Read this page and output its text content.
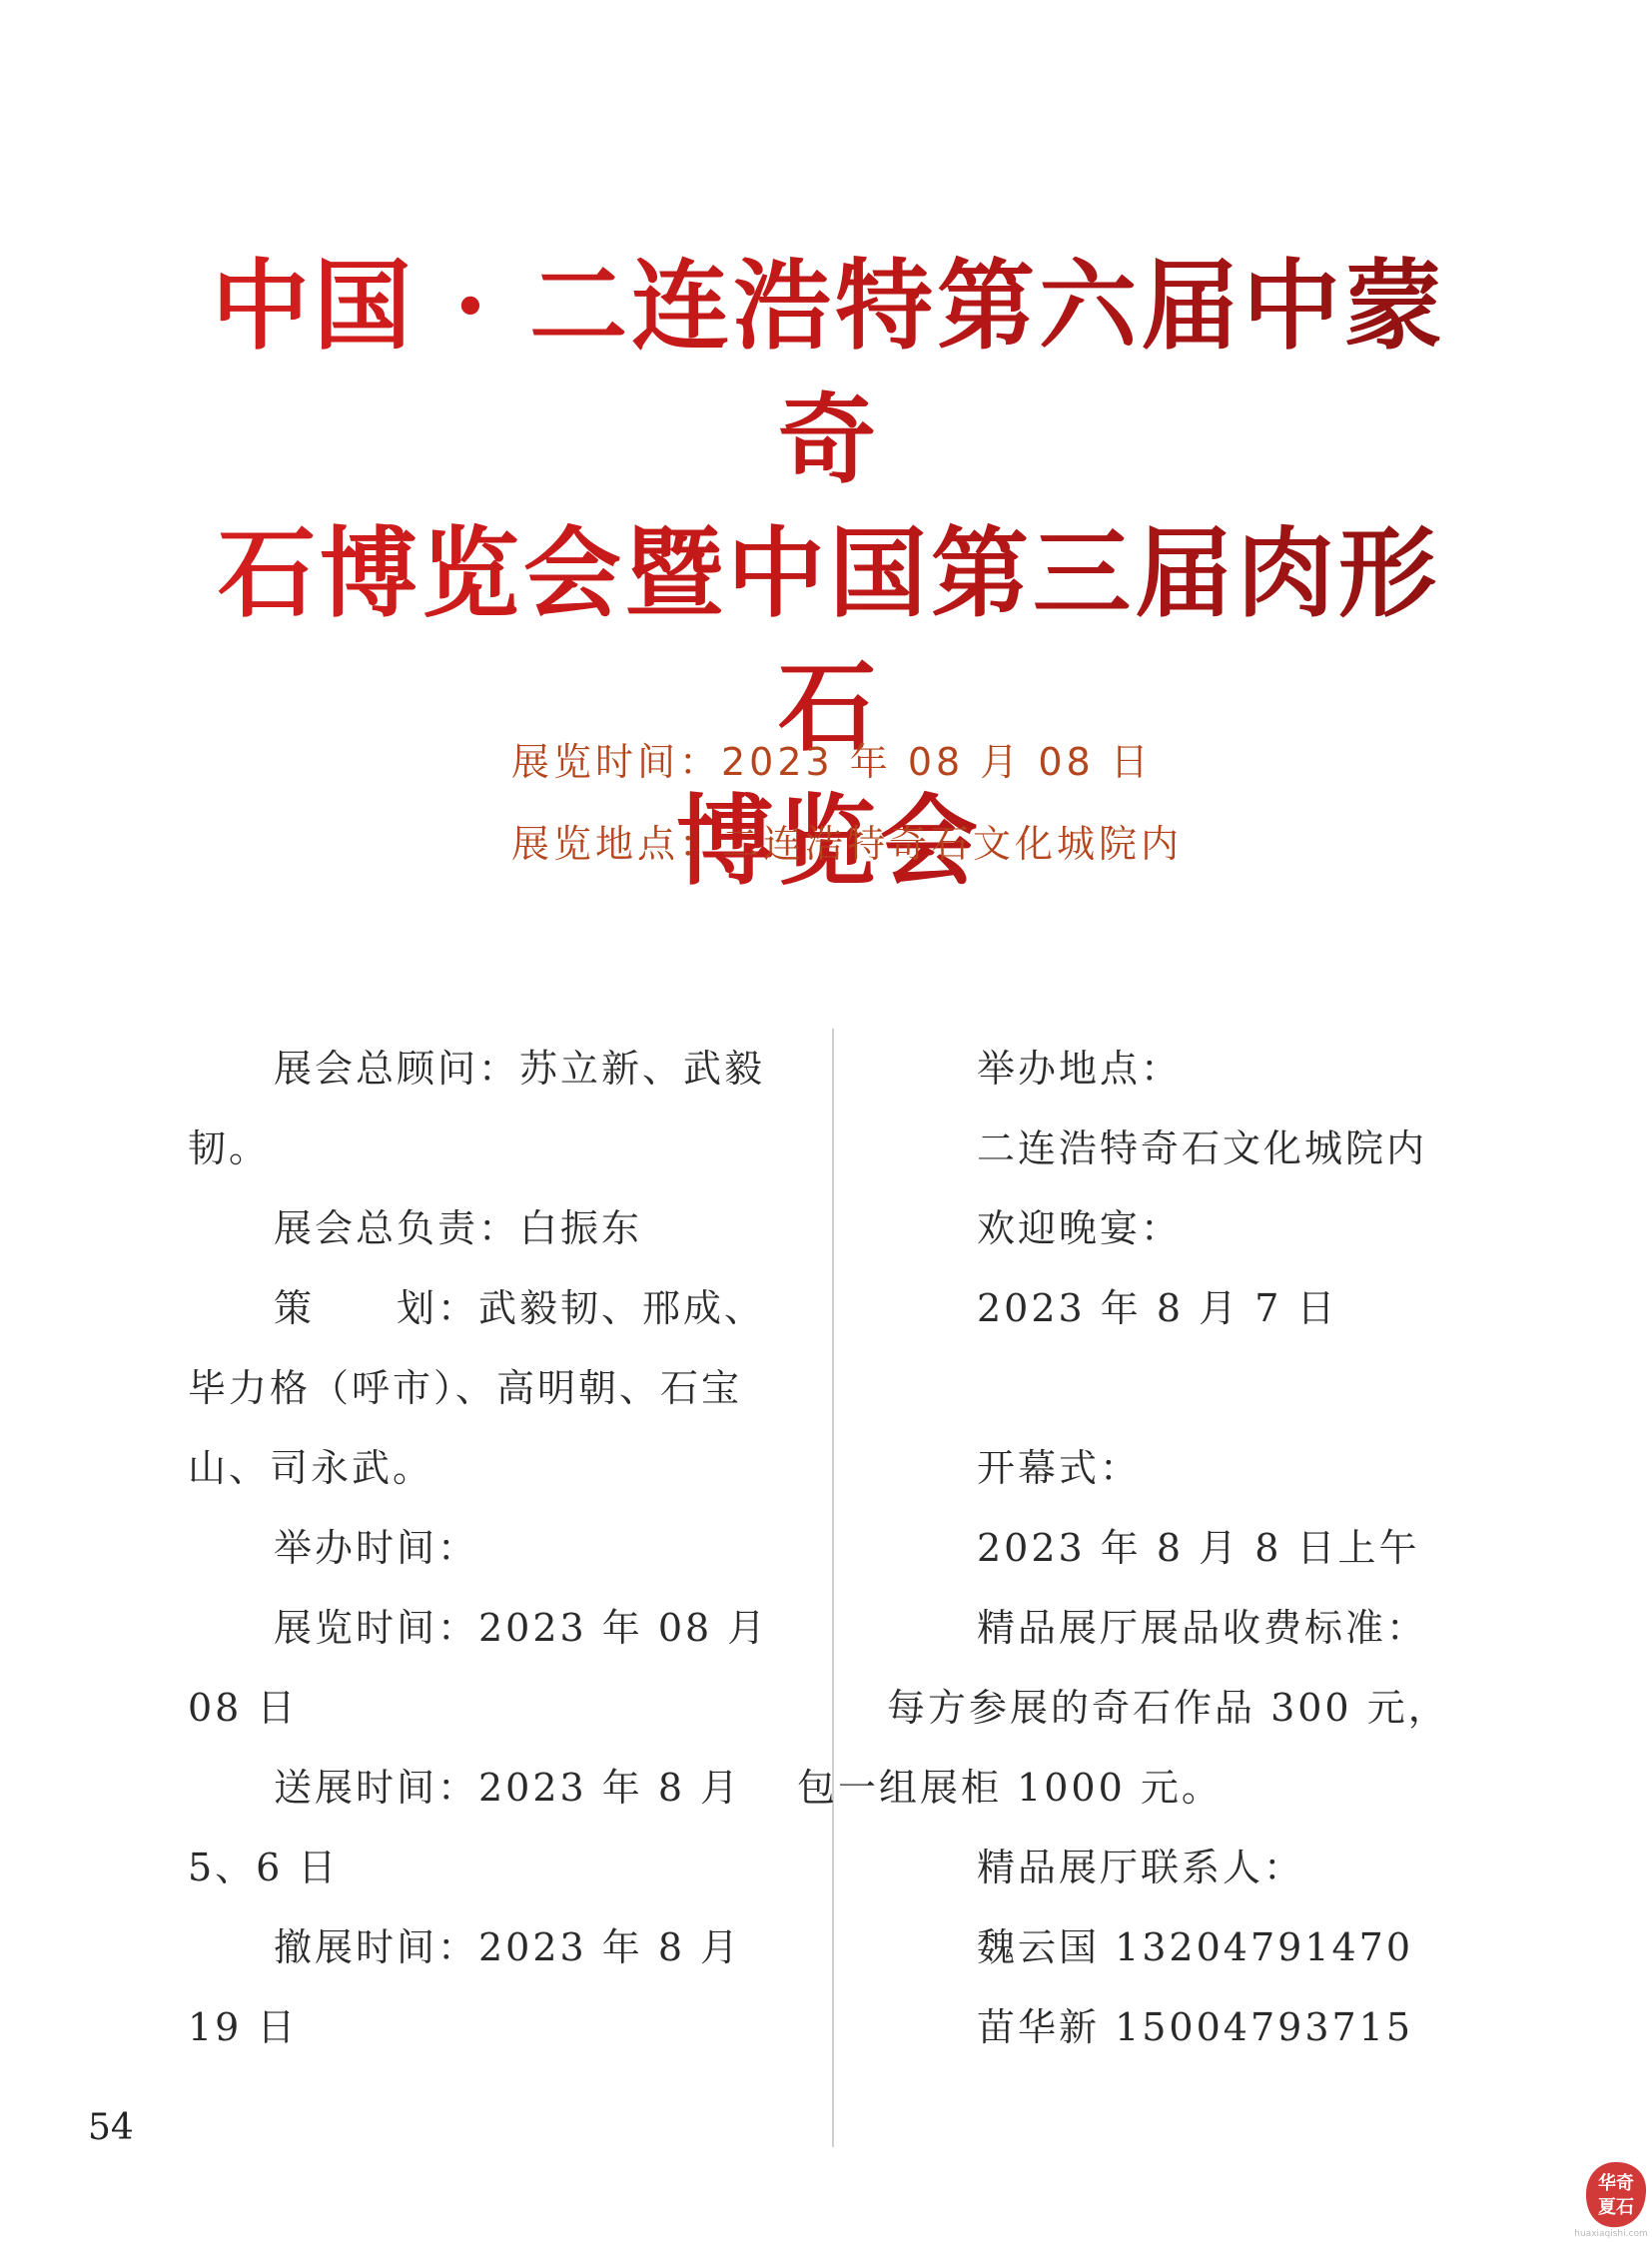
中国 · 二连浩特第六届中蒙奇
石博览会暨中国第三届肉形石
博览会
展览时间：2023 年 08 月 08 日
展览地点：二连浩特奇石文化城院内

展会总顾问：苏立新、武毅韧。

展会总负责：白振东

策　　划：武毅韧、邢成、毕力格（呼市）、高明朝、石宝山、司永武。

举办时间：

展览时间：2023 年 08 月 08 日

送展时间：2023 年 8 月 5、6 日

撤展时间：2023 年 8 月 19 日

举办地点：

二连浩特奇石文化城院内

欢迎晚宴：

2023 年 8 月 7 日

开幕式：

2023 年 8 月 8 日上午

精品展厅展品收费标准：

每方参展的奇石作品 300 元，包一组展柜 1000 元。

精品展厅联系人：

魏云国 13204791470

苗华新 15004793715

54
华奇
夏石
huaxiaqishi.com
